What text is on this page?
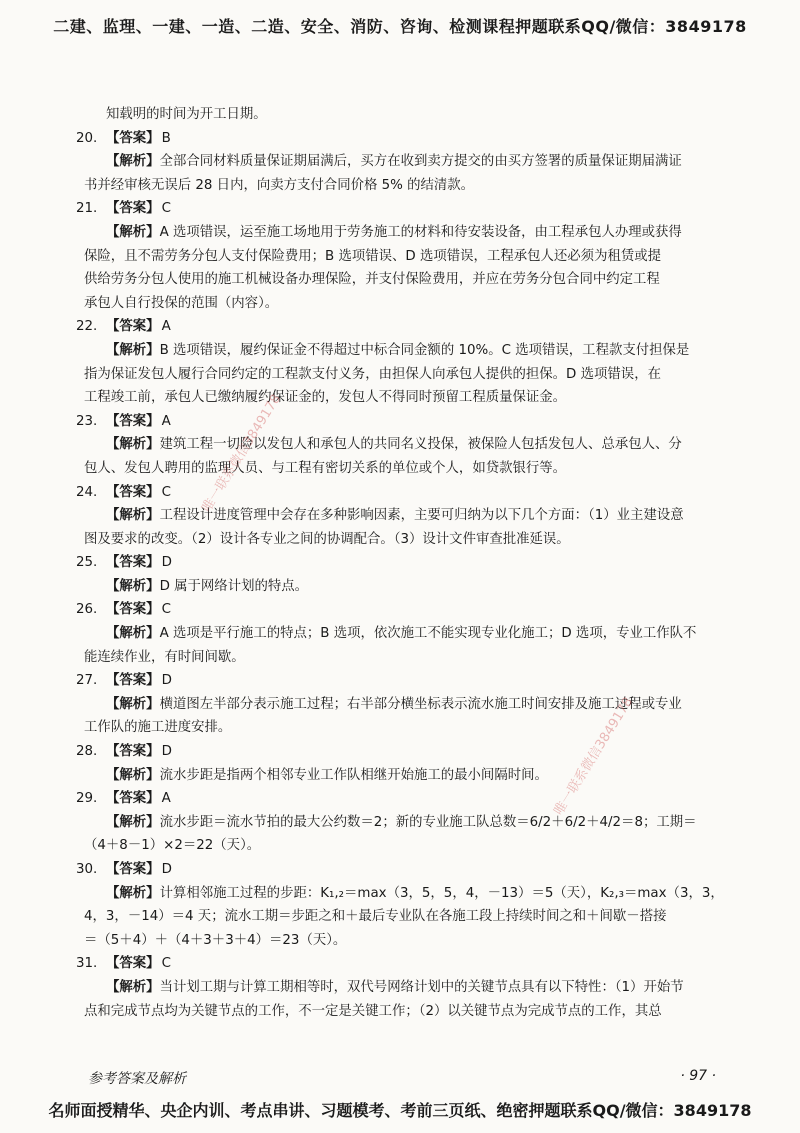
二建、监理、一建、一造、二造、安全、消防、咨询、检测课程押题联系QQ/微信：3849178
知载明的时间为开工日期。
20. 【答案】 B
【解析】全部合同材料质量保证期届满后，买方在收到卖方提交的由买方签署的质量保证期届满证
书并经审核无误后 28 日内，向卖方支付合同价格 5% 的结清款。
21. 【答案】 C
【解析】A 选项错误，运至施工场地用于劳务施工的材料和待安装设备，由工程承包人办理或获得
保险，且不需劳务分包人支付保险费用；B 选项错误、D 选项错误，工程承包人还必须为租赁或提
供给劳务分包人使用的施工机械设备办理保险，并支付保险费用，并应在劳务分包合同中约定工程
承包人自行投保的范围（内容）。
22. 【答案】 A
【解析】B 选项错误，履约保证金不得超过中标合同金额的 10%。C 选项错误，工程款支付担保是
指为保证发包人履行合同约定的工程款支付义务，由担保人向承包人提供的担保。D 选项错误，在
工程竣工前，承包人已缴纳履约保证金的，发包人不得同时预留工程质量保证金。
23. 【答案】 A
【解析】建筑工程一切险以发包人和承包人的共同名义投保，被保险人包括发包人、总承包人、分
包人、发包人聘用的监理人员、与工程有密切关系的单位或个人，如贷款银行等。
24. 【答案】 C
【解析】工程设计进度管理中会存在多种影响因素，主要可归纳为以下几个方面：（1）业主建设意
图及要求的改变。（2）设计各专业之间的协调配合。（3）设计文件审查批准延误。
25. 【答案】 D
【解析】D 属于网络计划的特点。
26. 【答案】 C
【解析】A 选项是平行施工的特点；B 选项，依次施工不能实现专业化施工；D 选项，专业工作队不
能连续作业，有时间间歇。
27. 【答案】 D
【解析】横道图左半部分表示施工过程；右半部分横坐标表示流水施工时间安排及施工过程或专业
工作队的施工进度安排。
28. 【答案】 D
【解析】流水步距是指两个相邻专业工作队相继开始施工的最小间隔时间。
29. 【答案】 A
【解析】流水步距＝流水节拍的最大公约数＝2；新的专业施工队总数＝6/2＋6/2＋4/2＝8；工期＝
（4＋8－1）×2＝22（天）。
30. 【答案】 D
【解析】计算相邻施工过程的步距：K₁,₂＝max（3，5，5，4，－13）＝5（天），K₂,₃＝max（3，3，
4，3，－14）＝4 天；流水工期＝步距之和＋最后专业队在各施工段上持续时间之和＋间歇－搭接
＝（5＋4）＋（4＋3＋3＋4）＝23（天）。
31. 【答案】 C
【解析】当计划工期与计算工期相等时，双代号网络计划中的关键节点具有以下特性：（1）开始节
点和完成节点均为关键节点的工作，不一定是关键工作；（2）以关键节点为完成节点的工作，其总
唯一联系微信3849178
唯一联系微信3849178
参考答案及解析	· 97 ·
名师面授精华、央企内训、考点串讲、习题模考、考前三页纸、绝密押题联系QQ/微信：3849178
